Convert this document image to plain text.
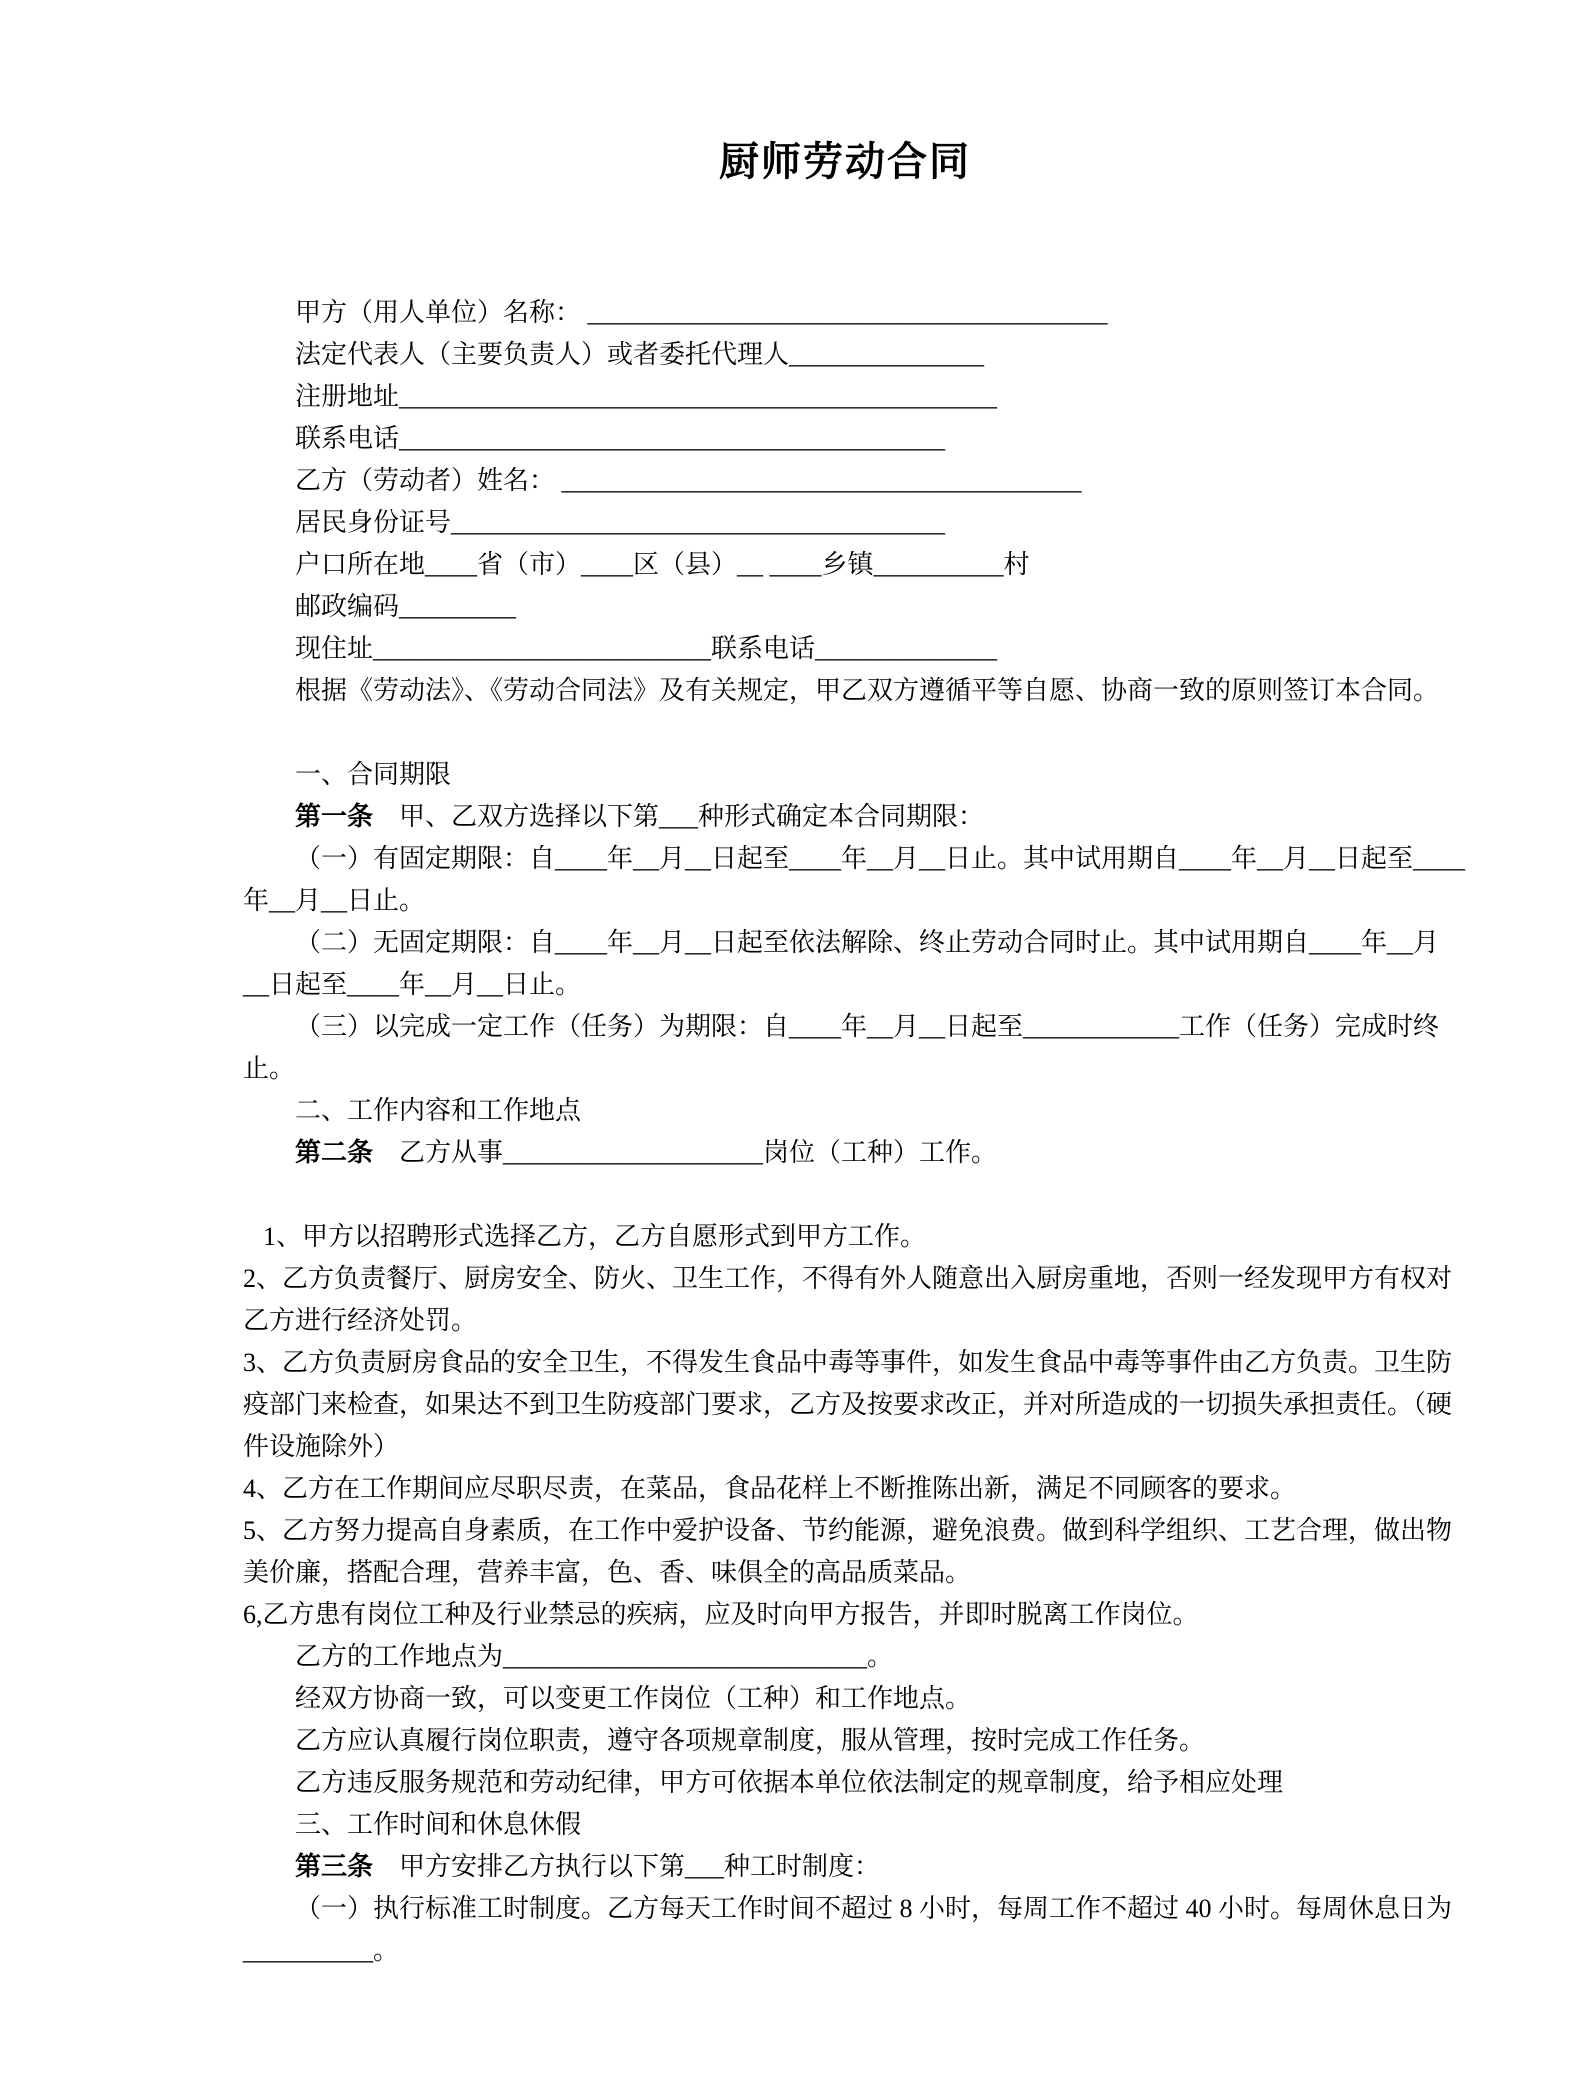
厨师劳动合同
甲方（用人单位）名称： ________________________________________
法定代表人（主要负责人）或者委托代理人_______________
注册地址______________________________________________
联系电话__________________________________________
乙方（劳动者）姓名： ________________________________________
居民身份证号______________________________________
户口所在地____省（市）____区（县）__ ____乡镇__________村
邮政编码_________
现住址__________________________联系电话______________
根据《劳动法》、《劳动合同法》及有关规定，甲乙双方遵循平等自愿、协商一致的原则签订本合同。
一、合同期限
第一条　甲、乙双方选择以下第___种形式确定本合同期限：
（一）有固定期限：自____年__月__日起至____年__月__日止。其中试用期自____年__月__日起至____
年__月__日止。
（二）无固定期限：自____年__月__日起至依法解除、终止劳动合同时止。其中试用期自____年__月
__日起至____年__月__日止。
（三）以完成一定工作（任务）为期限：自____年__月__日起至____________工作（任务）完成时终
止。
二、工作内容和工作地点
第二条　乙方从事____________________岗位（工种）工作。
1、甲方以招聘形式选择乙方，乙方自愿形式到甲方工作。
2、乙方负责餐厅、厨房安全、防火、卫生工作，不得有外人随意出入厨房重地，否则一经发现甲方有权对
乙方进行经济处罚。
3、乙方负责厨房食品的安全卫生，不得发生食品中毒等事件，如发生食品中毒等事件由乙方负责。卫生防
疫部门来检查，如果达不到卫生防疫部门要求，乙方及按要求改正，并对所造成的一切损失承担责任。（硬
件设施除外）
4、乙方在工作期间应尽职尽责，在菜品，食品花样上不断推陈出新，满足不同顾客的要求。
5、乙方努力提高自身素质，在工作中爱护设备、节约能源，避免浪费。做到科学组织、工艺合理，做出物
美价廉，搭配合理，营养丰富，色、香、味俱全的高品质菜品。
6,乙方患有岗位工种及行业禁忌的疾病，应及时向甲方报告，并即时脱离工作岗位。
乙方的工作地点为____________________________。
经双方协商一致，可以变更工作岗位（工种）和工作地点。
乙方应认真履行岗位职责，遵守各项规章制度，服从管理，按时完成工作任务。
乙方违反服务规范和劳动纪律，甲方可依据本单位依法制定的规章制度，给予相应处理
三、工作时间和休息休假
第三条　甲方安排乙方执行以下第___种工时制度：
（一）执行标准工时制度。乙方每天工作时间不超过 8 小时，每周工作不超过 40 小时。每周休息日为
__________。
